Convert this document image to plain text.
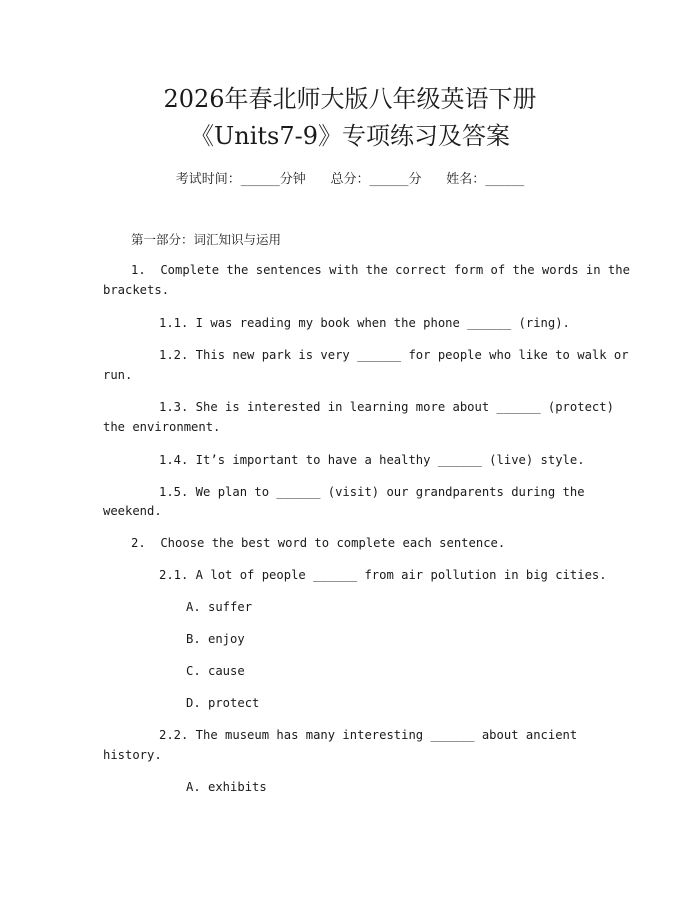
2026年春北师大版八年级英语下册
《Units7-9》专项练习及答案
考试时间：______分钟      总分：______分      姓名：______
第一部分：词汇知识与运用
1.  Complete the sentences with the correct form of the words in the
brackets.
1.1. I was reading my book when the phone ______ (ring).
1.2. This new park is very ______ for people who like to walk or
run.
1.3. She is interested in learning more about ______ (protect)
the environment.
1.4. It’s important to have a healthy ______ (live) style.
1.5. We plan to ______ (visit) our grandparents during the
weekend.
2.  Choose the best word to complete each sentence.
2.1. A lot of people ______ from air pollution in big cities.
A. suffer
B. enjoy
C. cause
D. protect
2.2. The museum has many interesting ______ about ancient
history.
A. exhibits
